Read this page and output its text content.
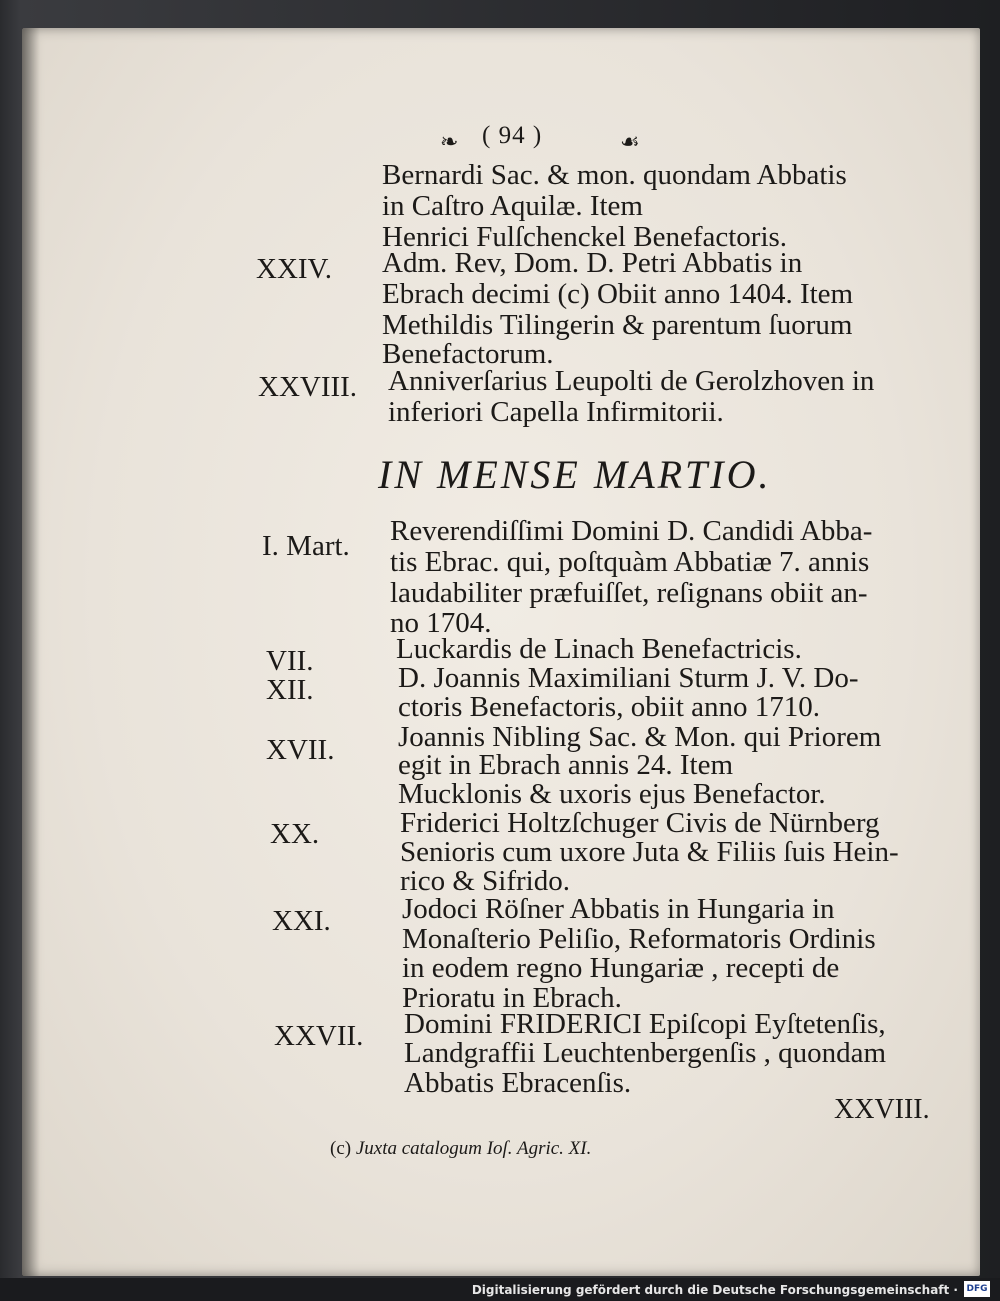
❧ ( 94 )	☙
Bernardi Sac. & mon. quondam Abbatis
in Caſtro Aquilæ. Item
Henrici Fulſchenckel Benefactoris.
XXIV. Adm. Rev, Dom. D. Petri Abbatis in
Ebrach decimi (c) Obiit anno 1404. Item
Methildis Tilingerin & parentum ſuorum
Benefactorum.
XXVIII. Anniverſarius Leupolti de Gerolzhoven in
inferiori Capella Infirmitorii.
IN MENSE MARTIO.
I. Mart. Reverendiſſimi Domini D. Candidi Abba-
tis Ebrac. qui, poſtquàm Abbatiæ 7. annis
laudabiliter præfuiſſet, reſignans obiit an-
no 1704.
VII.	Luckardis de Linach Benefactricis.
XII.	D. Joannis Maximiliani Sturm J. V. Do-
ctoris Benefactoris, obiit anno 1710.
XVII. Joannis Nibling Sac. & Mon. qui Priorem
egit in Ebrach annis 24. Item
Mucklonis & uxoris ejus Benefactor.
XX.	Friderici Holtzſchuger Civis de Nürnberg
Senioris cum uxore Juta & Filiis ſuis Hein-
rico & Sifrido.
XXI. Jodoci Röſner Abbatis in Hungaria in
Monaſterio Peliſio, Reformatoris Ordinis
in eodem regno Hungariæ , recepti de
Prioratu in Ebrach.
XXVII. Domini FRIDERICI Epiſcopi Eyſtetenſis,
Landgraffii Leuchtenbergenſis , quondam
Abbatis Ebracenſis.
XXVIII.
(c) Juxta catalogum Ioſ. Agric. XI.
Digitalisierung gefördert durch die Deutsche Forschungsgemeinschaft · DFG
